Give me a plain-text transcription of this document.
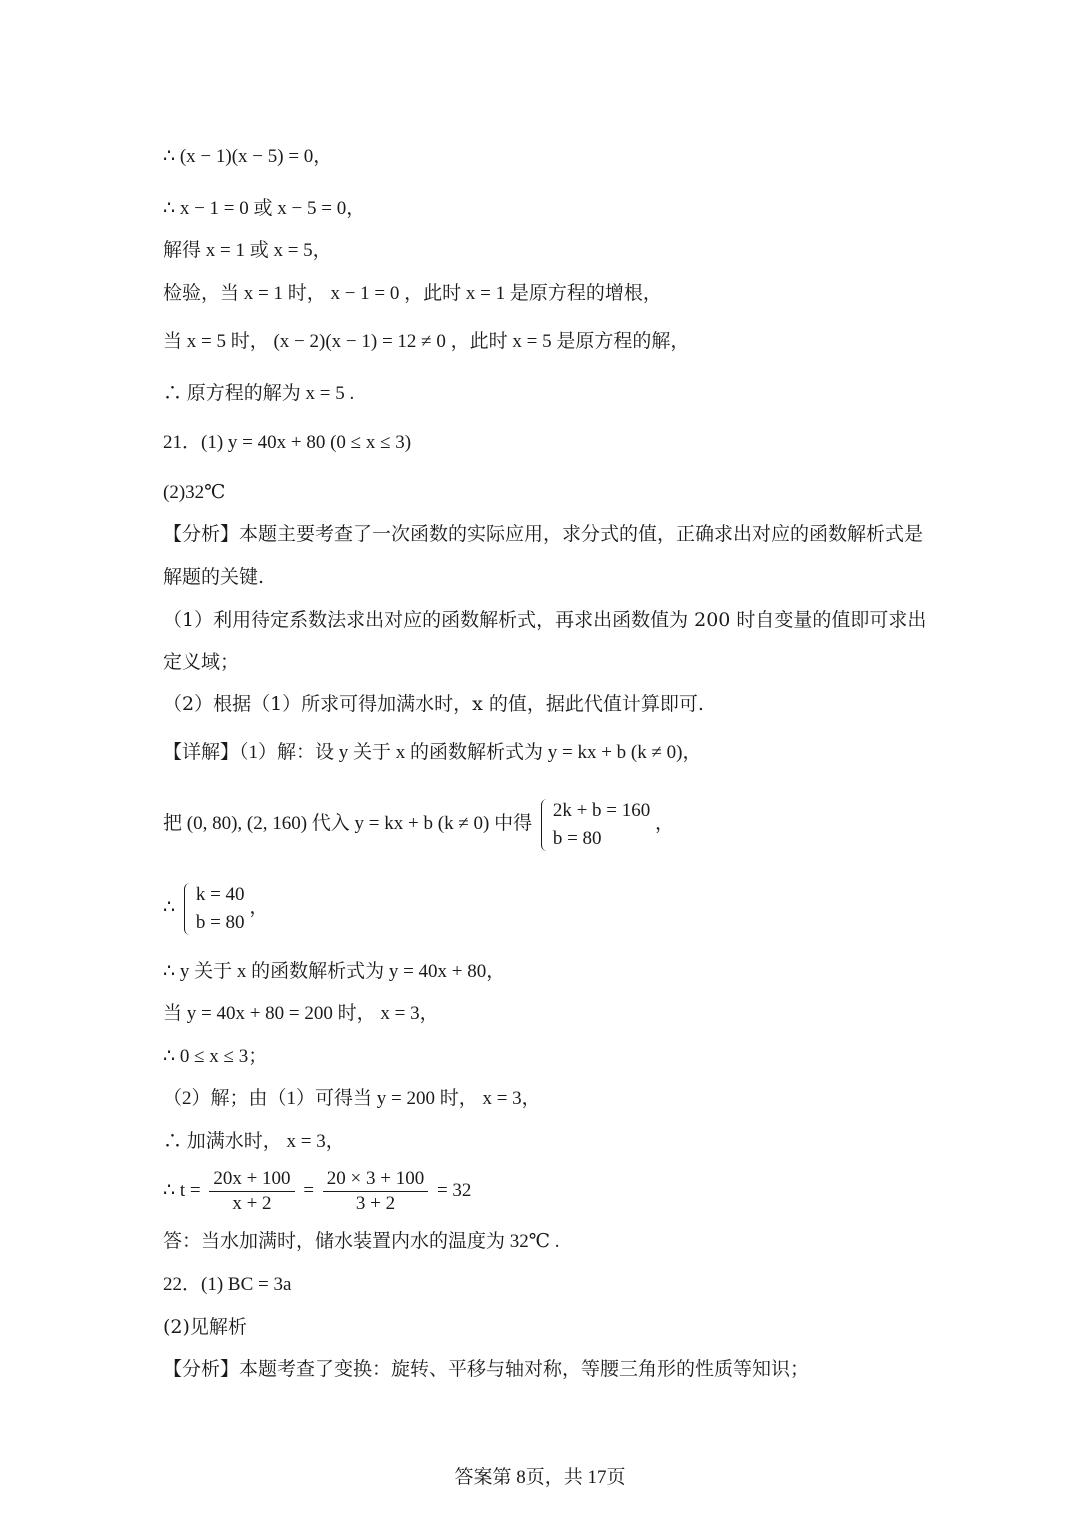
∴ (x − 1)(x − 5) = 0，
∴ x − 1 = 0 或 x − 5 = 0，
解得 x = 1 或 x = 5，
检验，当 x = 1 时， x − 1 = 0 ，此时 x = 1 是原方程的增根，
当 x = 5 时， (x − 2)(x − 1) = 12 ≠ 0 ，此时 x = 5 是原方程的解，
∴ 原方程的解为 x = 5 .
21．(1) y = 40x + 80 (0 ≤ x ≤ 3)
(2)32℃
【分析】本题主要考查了一次函数的实际应用，求分式的值，正确求出对应的函数解析式是
解题的关键.
（1）利用待定系数法求出对应的函数解析式，再求出函数值为 200 时自变量的值即可求出
定义域；
（2）根据（1）所求可得加满水时，x 的值，据此代值计算即可.
【详解】（1）解：设 y 关于 x 的函数解析式为 y = kx + b (k ≠ 0)，
把 (0, 80), (2, 160) 代入 y = kx + b (k ≠ 0) 中得
2k + b = 160
b = 80
，
∴
k = 40
b = 80
，
∴ y 关于 x 的函数解析式为 y = 40x + 80，
当 y = 40x + 80 = 200 时， x = 3，
∴ 0 ≤ x ≤ 3；
（2）解；由（1）可得当 y = 200 时， x = 3，
∴ 加满水时， x = 3，
∴ $t = \frac{20x + 100}{x + 2} = \frac{20 \times 3 + 100}{3 + 2} = 32$
答：当水加满时，储水装置内水的温度为 32℃ .
22．(1) BC = 3a
(2)见解析
【分析】本题考查了变换：旋转、平移与轴对称，等腰三角形的性质等知识；
答案第 8页，共 17页
